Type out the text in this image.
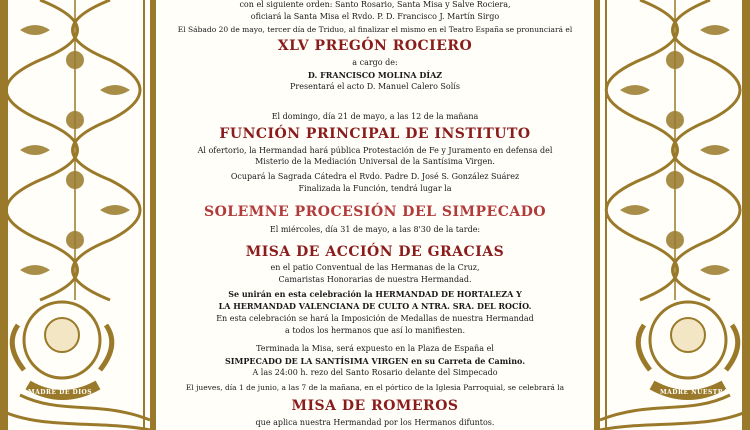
MADRE DE DIOS
con el siguiente orden: Santo Rosario, Santa Misa y Salve Rociera,
oficiará la Santa Misa el Rvdo. P. D. Francisco J. Martín Sirgo
El Sábado 20 de mayo, tercer día de Triduo, al finalizar el mismo en el Teatro España se pronunciará el
XLV PREGÓN ROCIERO
a cargo de:
D. FRANCISCO MOLINA DÍAZ
Presentará el acto D. Manuel Calero Solís
El domingo, día 21 de mayo, a las 12 de la mañana
FUNCIÓN PRINCIPAL DE INSTITUTO
Al ofertorio, la Hermandad hará pública Protestación de Fe y Juramento en defensa del
Misterio de la Mediación Universal de la Santísima Virgen.
Ocupará la Sagrada Cátedra el Rvdo. Padre D. José S. González Suárez
Finalizada la Función, tendrá lugar la
SOLEMNE PROCESIÓN DEL SIMPECADO
El miércoles, día 31 de mayo, a las 8'30 de la tarde:
MISA DE ACCIÓN DE GRACIAS
en el patio Conventual de las Hermanas de la Cruz,
Camaristas Honorarias de nuestra Hermandad.
Se unirán en esta celebración la HERMANDAD DE HORTALEZA Y
LA HERMANDAD VALENCIANA DE CULTO A NTRA. SRA. DEL ROCÍO.
En esta celebración se hará la Imposición de Medallas de nuestra Hermandad
a todos los hermanos que así lo manifiesten.
Terminada la Misa, será expuesto en la Plaza de España el
SIMPECADO DE LA SANTÍSIMA VIRGEN en su Carreta de Camino.
A las 24:00 h. rezo del Santo Rosario delante del Simpecado
El jueves, día 1 de junio, a las 7 de la mañana, en el pórtico de la Iglesia Parroquial, se celebrará la
MISA DE ROMEROS
que aplica nuestra Hermandad por los Hermanos difuntos.
MADRE NUESTRA
